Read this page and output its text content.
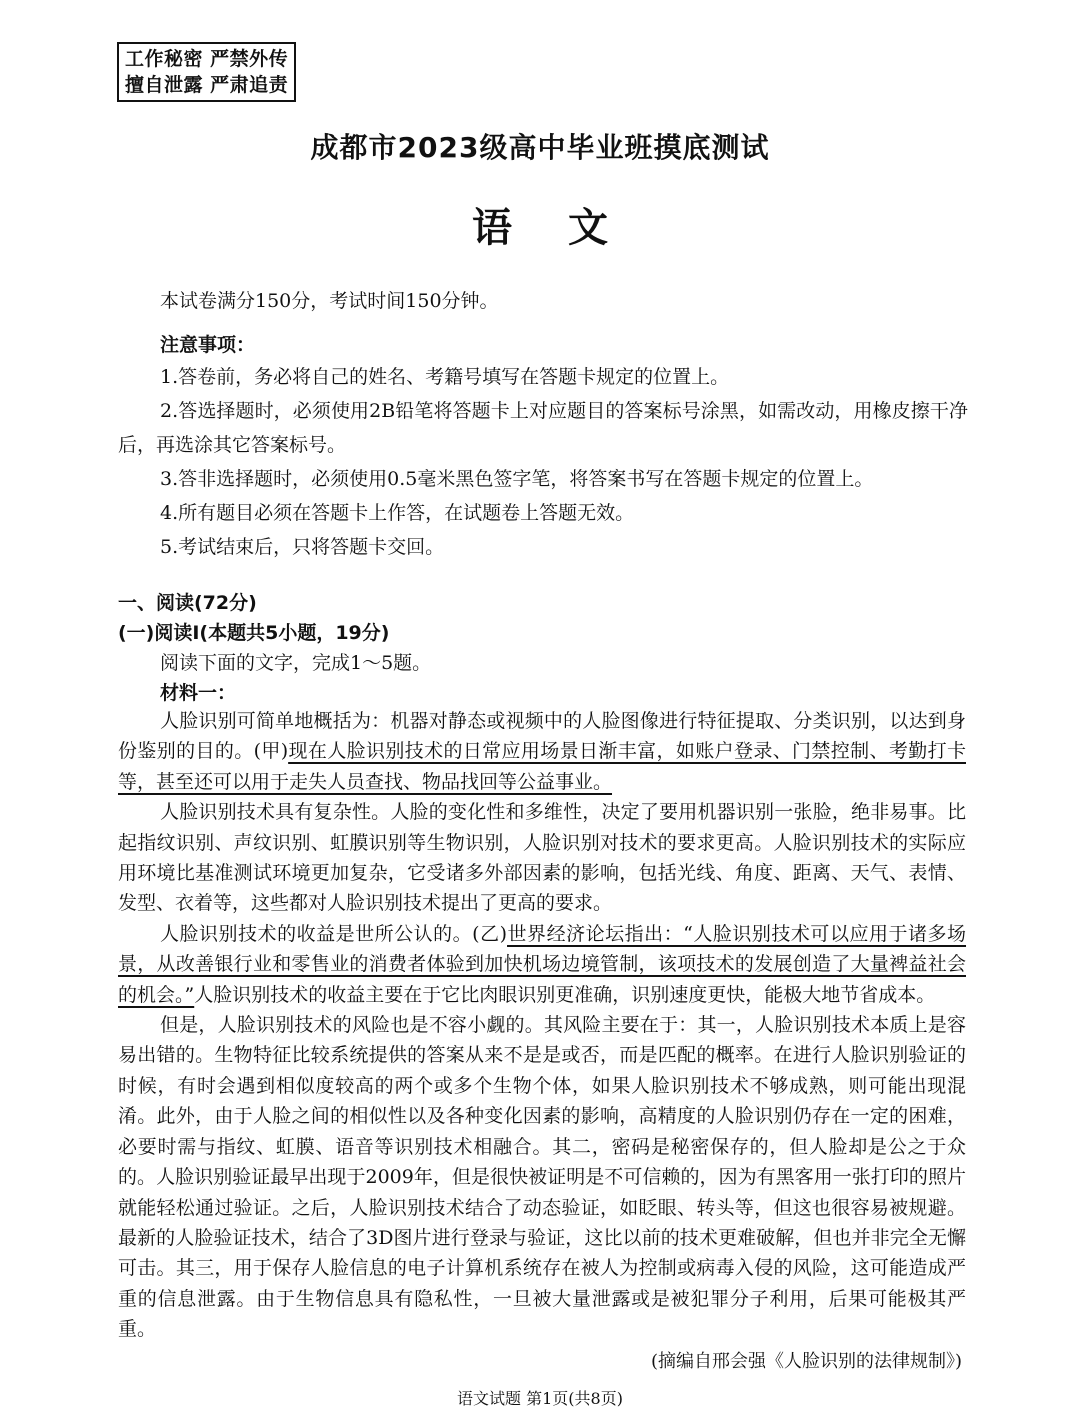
工作秘密 严禁外传
擅自泄露 严肃追责
成都市2023级高中毕业班摸底测试
语文
本试卷满分150分，考试时间150分钟。
注意事项：

1.答卷前，务必将自己的姓名、考籍号填写在答题卡规定的位置上。

2.答选择题时，必须使用2B铅笔将答题卡上对应题目的答案标号涂黑，如需改动，用橡皮擦干净后，再选涂其它答案标号。

3.答非选择题时，必须使用0.5毫米黑色签字笔，将答案书写在答题卡规定的位置上。

4.所有题目必须在答题卡上作答，在试题卷上答题无效。

5.考试结束后，只将答题卡交回。

一、阅读(72分)
(一)阅读Ⅰ(本题共5小题，19分)
阅读下面的文字，完成1～5题。
材料一：

人脸识别可简单地概括为：机器对静态或视频中的人脸图像进行特征提取、分类识别，以达到身份鉴别的目的。(甲)现在人脸识别技术的日常应用场景日渐丰富，如账户登录、门禁控制、考勤打卡等，甚至还可以用于走失人员查找、物品找回等公益事业。

人脸识别技术具有复杂性。人脸的变化性和多维性，决定了要用机器识别一张脸，绝非易事。比起指纹识别、声纹识别、虹膜识别等生物识别，人脸识别对技术的要求更高。人脸识别技术的实际应用环境比基准测试环境更加复杂，它受诸多外部因素的影响，包括光线、角度、距离、天气、表情、发型、衣着等，这些都对人脸识别技术提出了更高的要求。

人脸识别技术的收益是世所公认的。(乙)世界经济论坛指出：“人脸识别技术可以应用于诸多场景，从改善银行业和零售业的消费者体验到加快机场边境管制，该项技术的发展创造了大量裨益社会的机会。”人脸识别技术的收益主要在于它比肉眼识别更准确，识别速度更快，能极大地节省成本。

但是，人脸识别技术的风险也是不容小觑的。其风险主要在于：其一，人脸识别技术本质上是容易出错的。生物特征比较系统提供的答案从来不是是或否，而是匹配的概率。在进行人脸识别验证的时候，有时会遇到相似度较高的两个或多个生物个体，如果人脸识别技术不够成熟，则可能出现混淆。此外，由于人脸之间的相似性以及各种变化因素的影响，高精度的人脸识别仍存在一定的困难，必要时需与指纹、虹膜、语音等识别技术相融合。其二，密码是秘密保存的，但人脸却是公之于众的。人脸识别验证最早出现于2009年，但是很快被证明是不可信赖的，因为有黑客用一张打印的照片就能轻松通过验证。之后，人脸识别技术结合了动态验证，如眨眼、转头等，但这也很容易被规避。最新的人脸验证技术，结合了3D图片进行登录与验证，这比以前的技术更难破解，但也并非完全无懈可击。其三，用于保存人脸信息的电子计算机系统存在被人为控制或病毒入侵的风险，这可能造成严重的信息泄露。由于生物信息具有隐私性，一旦被大量泄露或是被犯罪分子利用，后果可能极其严重。

(摘编自邢会强《人脸识别的法律规制》)
语文试题 第1页(共8页)
